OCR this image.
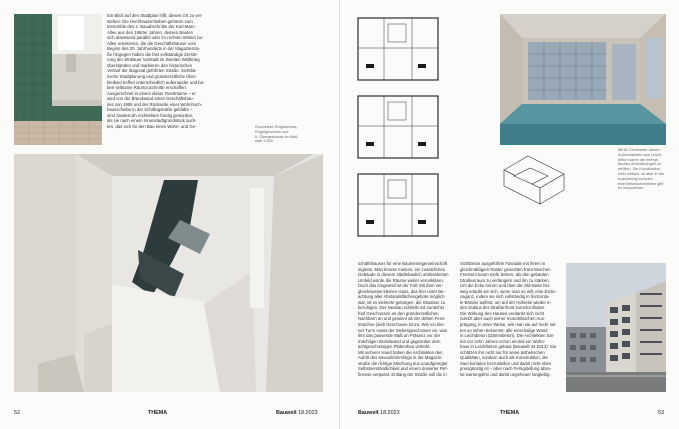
Ein Blick auf den Stadtplan hilft, diesen Ort zu ver-
stehen: Die Hochhausscheiben gehören zum
Ensemble des 2. Bauabschnitts der Karl-Marx-
Allee aus den 1960er Jahren, dessen Bauten
sich abwesend parallel oder im rechten Winkel zur
Allee orientieren, die die Geschäftshäuser vom
Beginn des 20. Jahrhunderts in der Magazinstra-
ße hingegen haben die fast vollständige Zerstö-
rung der Stralauer Vorstadt im Zweiten Weltkrieg
überstanden und markieren den historischen
Verlauf der diagonal geführten Straße. Sichtba-
rische Stadtplanung und gründerzeitliche Über-
bleibsel treffen unterschiedlich aufeinander und ha-
ben seltsame Raumzuschnitte erschaffen.
Ausgerechnet in einem dieser Restträume – er
wird von der Brandwand eines Geschäftshau-
ses von 1906 und der Rückseite einer Wohnhoch-
hausscheibe in der Schillingstraße gebildet –
sind zanderroth Architekten fündig geworden,
als sie nach einem Innenstadtgrundstück such-
ten, das sich für den Bau eines Wohn- und Ge-
52	THEMA	Bauwelt 18.2023
Grundrisse Erdgeschoss,
Regelgeschoss und
5. Obergeschoss im Maß-
stab 1:200
Mit 60 Zentimeter dicken
Außenwänden aus Leicht-
beton waren die energe-
tischen Anforderungen zu
erfüllen. Die Konstruktion
wirkt einfach, ist aber in der
Ausführung komplex:
eine Betonschwerkiem gibt
es hinzuziehen.
schäftshauses für eine Baumeinngemeinschaft
eignete. Man könnte meinen, ein zusätzliches
Gebäude in diesem städtebaulich ambivalenten
Umfeld würde die Räume weiter verunklären.
Doch das Gegenteil ist der Fall: Mit dem ver-
gleichsweise kleinen Haus, das hier unter Be-
achtung aller Abstandsflächengebote möglich
war, ist es vielmehr gelungen, die Situation zu
beruhigen. Der Neubau schließt mit zunächst
fünf Geschossen an den gründerzeitlichen
Nachbarn an und gewinnt ab der dritten Fens-
terachse (sieb Geschosse hinzu. Wie ein klei-
ner Turm mutet der Siebengeschosser an, was
ihm das passende Maß an Präsenz vor der
mächtigen Brandwand und gegenüber dem
achtgeschossigen Plattenbau verleiht.
Mit sicherer Hand haben die Architekten den
Aufritt des Neuankömmlings in der Magazin-
straße die richtige Mischung aus unaufgeregter
Selbstverständlichkeit und einem dosierter Ref-
finesse verpasst. Entlang der Straße soll die in
Sichtbeton ausgeführte Fassade mit ihrem in
gleichmäßigem Raster gesetzten französischen
Fenstern kaum mehr leisten, als den gebauten
Straßenraum zu verlängern und ihn zu stärken.
Um die Ecke herum und über die Stirnseite hin-
weg erlaubt sie sich, wenn man so will, eine Extra-
vaganz, indem sie sich vollständig in horizonta-
le Bänder auflöst, um auf der Hofseite wieder in
den Duktus der Straßenfront zurückzufinden.
Die Wirkung des Hauses verdankt sich nicht
zuletzt aber auch seiner monolithischen Aus-
prägung, in einer Weise, wie man sie auf mehr sel-
ten so sehen bekommt: alle einschalige Wand
in Leichtbeton (Dämmbeton). Die Architekten hat-
ten vor zehn Jahren schon einmal ein Wohn-
haus in Leichtbeton gebaut (Bauwelt 44.2013). Sie
schätzen ihn nicht nur für seine ästhetischen
Qualitäten, sondern auch als Konstruktion, die
zwei komplex herzustellen und damit nicht eben
preisgünstig ist – aber nach Fertigstellung abso-
lut wartungsfrei und damit ungeheuer langlebig.
THEMA
Bauwelt 18.2023	53
